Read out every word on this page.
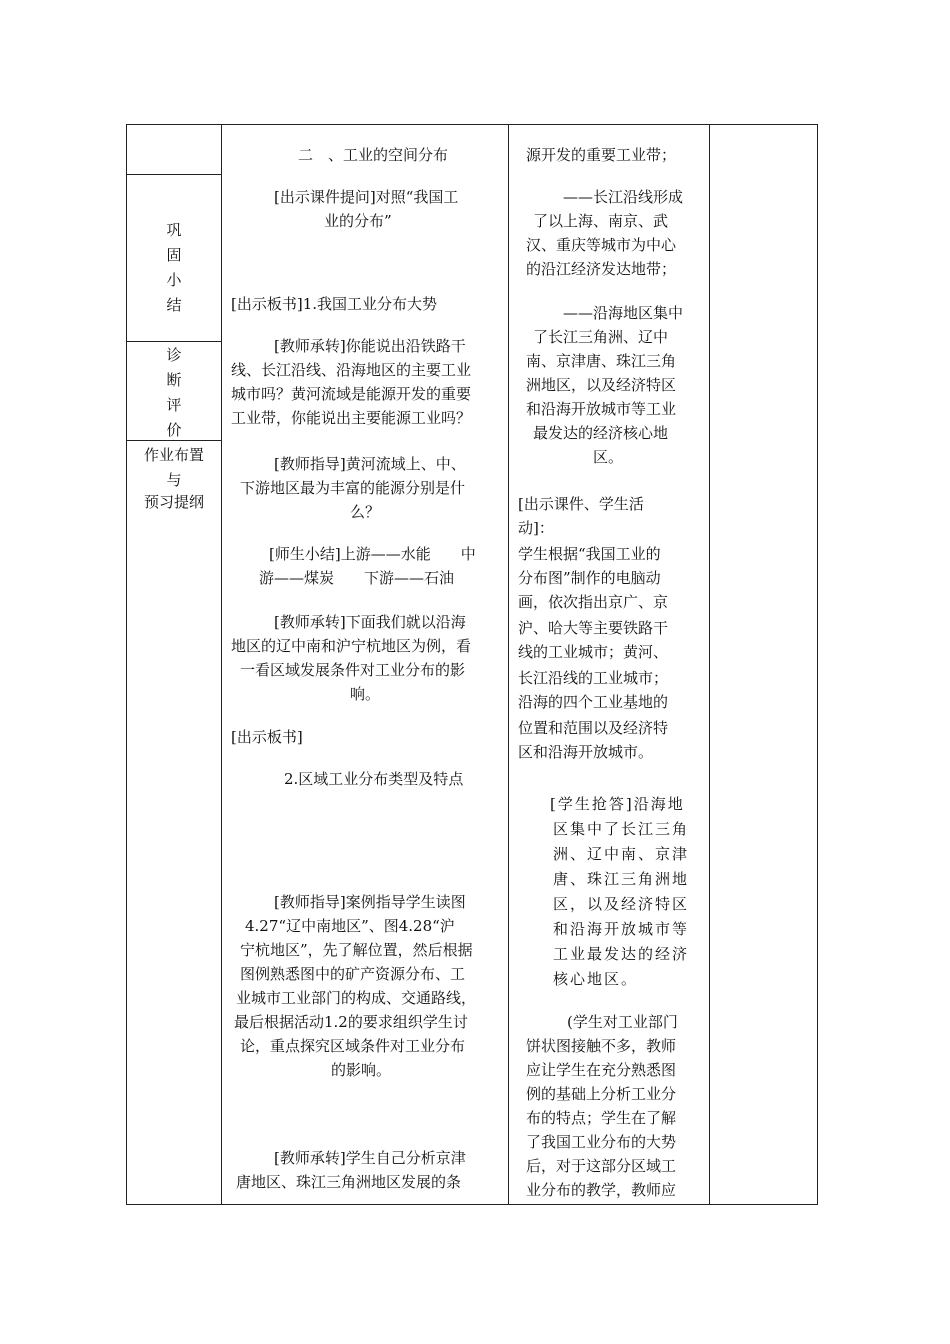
巩
固
小
结
诊
断
评
价
作业布置
与
预习提纲
二　、工业的空间分布
[出示课件提问]对照“我国工
业的分布”
[出示板书]1.我国工业分布大势
[教师承转]你能说出沿铁路干
线、长江沿线、沿海地区的主要工业
城市吗？黄河流域是能源开发的重要
工业带，你能说出主要能源工业吗？
[教师指导]黄河流域上、中、
下游地区最为丰富的能源分别是什
么？
[师生小结]上游——水能　　中
游——煤炭　　下游——石油
[教师承转]下面我们就以沿海
地区的辽中南和沪宁杭地区为例，看
一看区域发展条件对工业分布的影
响。
[出示板书]
2.区域工业分布类型及特点
[教师指导]案例指导学生读图
4.27“辽中南地区”、图4.28“沪
宁杭地区”，先了解位置，然后根据
图例熟悉图中的矿产资源分布、工
业城市工业部门的构成、交通路线，
最后根据活动1.2的要求组织学生讨
论，重点探究区域条件对工业分布
的影响。
[教师承转]学生自己分析京津
唐地区、珠江三角洲地区发展的条
源开发的重要工业带；
——长江沿线形成
了以上海、南京、武
汉、重庆等城市为中心
的沿江经济发达地带；
——沿海地区集中
了长江三角洲、辽中
南、京津唐、珠江三角
洲地区，以及经济特区
和沿海开放城市等工业
最发达的经济核心地
区。
[出示课件、学生活
动]：
学生根据“我国工业的
分布图”制作的电脑动
画，依次指出京广、京
沪、哈大等主要铁路干
线的工业城市；黄河、
长江沿线的工业城市；
沿海的四个工业基地的
位置和范围以及经济特
区和沿海开放城市。
[学生抢答]沿海地
区集中了长江三角
洲、辽中南、京津
唐、珠江三角洲地
区，以及经济特区
和沿海开放城市等
工业最发达的经济
核心地区。
(学生对工业部门
饼状图接触不多，教师
应让学生在充分熟悉图
例的基础上分析工业分
布的特点；学生在了解
了我国工业分布的大势
后，对于这部分区域工
业分布的教学，教师应
